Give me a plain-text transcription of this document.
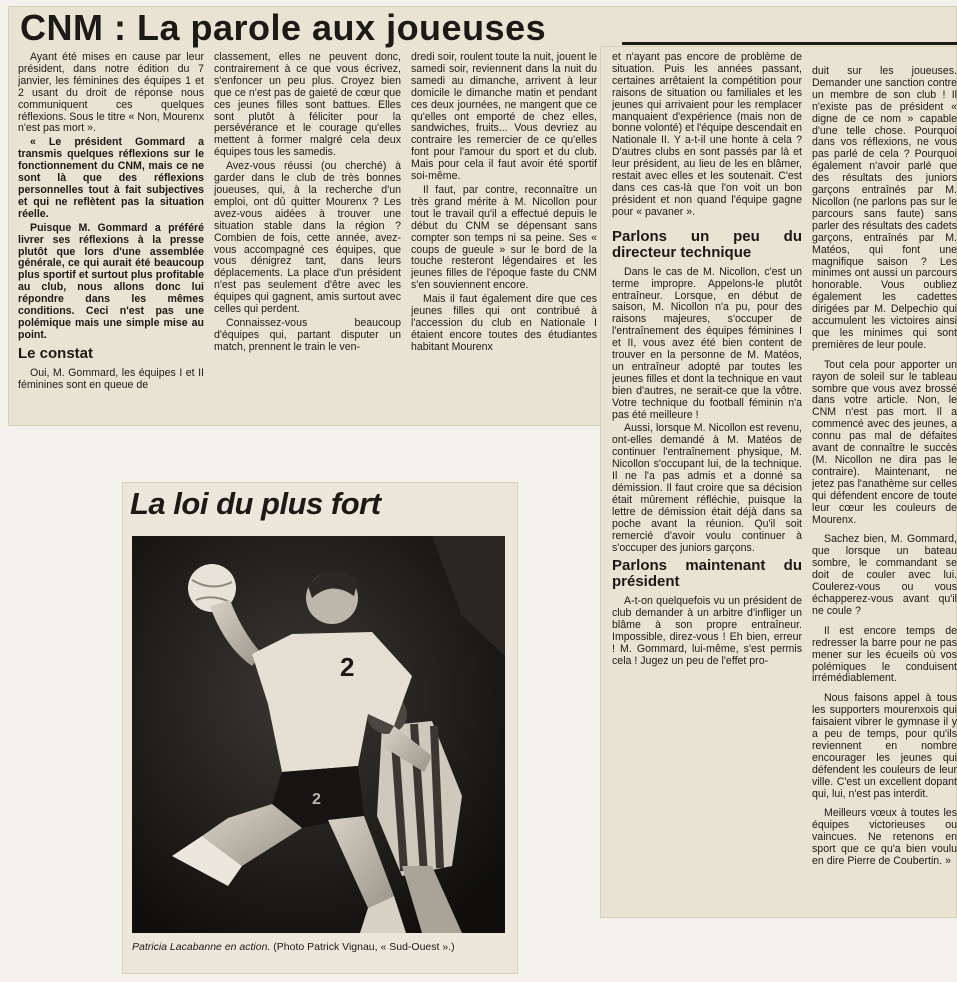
CNM : La parole aux joueuses

Ayant été mises en cause par leur président, dans notre édition du 7 janvier, les féminines des équipes 1 et 2 usant du droit de réponse nous communiquent ces quelques réflexions. Sous le titre « Non, Mourenx n'est pas mort ».

« Le président Gommard a transmis quelques réflexions sur le fonctionnement du CNM, mais ce ne sont là que des réflexions personnelles tout à fait subjectives et qui ne reflètent pas la situation réelle.

Puisque M. Gommard a préféré livrer ses réflexions à la presse plutôt que lors d'une assemblée générale, ce qui aurait été beaucoup plus sportif et surtout plus profitable au club, nous allons donc lui répondre dans les mêmes conditions. Ceci n'est pas une polémique mais une simple mise au point.

Le constat

Oui, M. Gommard, les équipes I et II féminines sont en queue de

classement, elles ne peuvent donc, contrairement à ce que vous écrivez, s'enfoncer un peu plus. Croyez bien que ce n'est pas de gaieté de cœur que ces jeunes filles sont battues. Elles sont plutôt à féliciter pour la persévérance et le courage qu'elles mettent à former malgré cela deux équipes tous les samedis.

Avez-vous réussi (ou cherché) à garder dans le club de très bonnes joueuses, qui, à la recherche d'un emploi, ont dû quitter Mourenx ? Les avez-vous aidées à trouver une situation stable dans la région ? Combien de fois, cette année, avez-vous accompagné ces équipes, que vous dénigrez tant, dans leurs déplacements. La place d'un président n'est pas seulement d'être avec les équipes qui gagnent, amis surtout avec celles qui perdent.

Connaissez-vous beaucoup d'équipes qui, partant disputer un match, prennent le train le ven-

dredi soir, roulent toute la nuit, jouent le samedi soir, reviennent dans la nuit du samedi au dimanche, arrivent à leur domicile le dimanche matin et pendant ces deux journées, ne mangent que ce qu'elles ont emporté de chez elles, sandwiches, fruits... Vous devriez au contraire les remercier de ce qu'elles font pour l'amour du sport et du club. Mais pour cela il faut avoir été sportif soi-même.

Il faut, par contre, reconnaître un très grand mérite à M. Nicollon pour tout le travail qu'il a effectué depuis le début du CNM se dépensant sans compter son temps ni sa peine. Ses « coups de gueule » sur le bord de la touche resteront légendaires et les jeunes filles de l'époque faste du CNM s'en souviennent encore.

Mais il faut également dire que ces jeunes filles qui ont contribué à l'accession du club en Nationale I étaient encore toutes des étudiantes habitant Mourenx

et n'ayant pas encore de problème de situation. Puis les années passant, certaines arrêtaient la compétition pour raisons de situation ou familiales et les jeunes qui arrivaient pour les remplacer manquaient d'expérience (mais non de bonne volonté) et l'équipe descendait en Nationale II. Y a-t-il une honte à cela ? D'autres clubs en sont passés par là et leur président, au lieu de les en blâmer, restait avec elles et les soutenait. C'est dans ces cas-là que l'on voit un bon président et non quand l'équipe gagne pour « pavaner ».

Parlons un peu du directeur technique

Dans le cas de M. Nicollon, c'est un terme impropre. Appelons-le plutôt entraîneur. Lorsque, en début de saison, M. Nicollon n'a pu, pour des raisons majeures, s'occuper de l'entraînement des équipes féminines I et II, vous avez été bien content de trouver en la personne de M. Matéos, un entraîneur adopté par toutes les jeunes filles et dont la technique en vaut bien d'autres, ne serait-ce que la vôtre. Votre technique du football féminin n'a pas été meilleure !

Aussi, lorsque M. Nicollon est revenu, ont-elles demandé à M. Matéos de continuer l'entraînement physique, M. Nicollon s'occupant lui, de la technique. Il ne l'a pas admis et a donné sa démission. Il faut croire que sa décision était mûrement réfléchie, puisque la lettre de démission était déjà dans sa poche avant la réunion. Qu'il soit remercié d'avoir voulu continuer à s'occuper des juniors garçons.

Parlons maintenant du président

A-t-on quelquefois vu un président de club demander à un arbitre d'infliger un blâme à son propre entraîneur. Impossible, direz-vous ! Eh bien, erreur ! M. Gommard, lui-même, s'est permis cela ! Jugez un peu de l'effet pro-

duit sur les joueuses. Demander une sanction contre un membre de son club ! Il n'existe pas de président « digne de ce nom » capable d'une telle chose. Pourquoi dans vos réflexions, ne vous pas parlé de cela ? Pourquoi également n'avoir parlé que des résultats des juniors garçons entraînés par M. Nicollon (ne parlons pas sur le parcours sans faute) sans parler des résultats des cadets garçons, entraînés par M. Matéos, qui font une magnifique saison ? Les minimes ont aussi un parcours honorable. Vous oubliez également les cadettes dirigées par M. Delpechio qui accumulent les victoires ainsi que les minimes qui sont premières de leur poule.

Tout cela pour apporter un rayon de soleil sur le tableau sombre que vous avez brossé dans votre article. Non, le CNM n'est pas mort. Il a commencé avec des jeunes, a connu pas mal de défaites avant de connaître le succès (M. Nicollon ne dira pas le contraire). Maintenant, ne jetez pas l'anathème sur celles qui défendent encore de toute leur cœur les couleurs de Mourenx.

Sachez bien, M. Gommard, que lorsque un bateau sombre, le commandant se doit de couler avec lui. Coulerez-vous ou vous échapperez-vous avant qu'il ne coule ?

Il est encore temps de redresser la barre pour ne pas mener sur les écueils où vos polémiques le conduisent irrémédiablement.

Nous faisons appel à tous les supporters mourenxois qui faisaient vibrer le gymnase il y a peu de temps, pour qu'ils reviennent en nombre encourager les jeunes qui défendent les couleurs de leur ville. C'est un excellent dopant qui, lui, n'est pas interdit.

Meilleurs vœux à toutes les équipes victorieuses ou vaincues. Ne retenons en sport que ce qu'a bien voulu en dire Pierre de Coubertin. »

La loi du plus fort
2
2
Patricia Lacabanne en action. (Photo Patrick Vignau, « Sud-Ouest ».)
